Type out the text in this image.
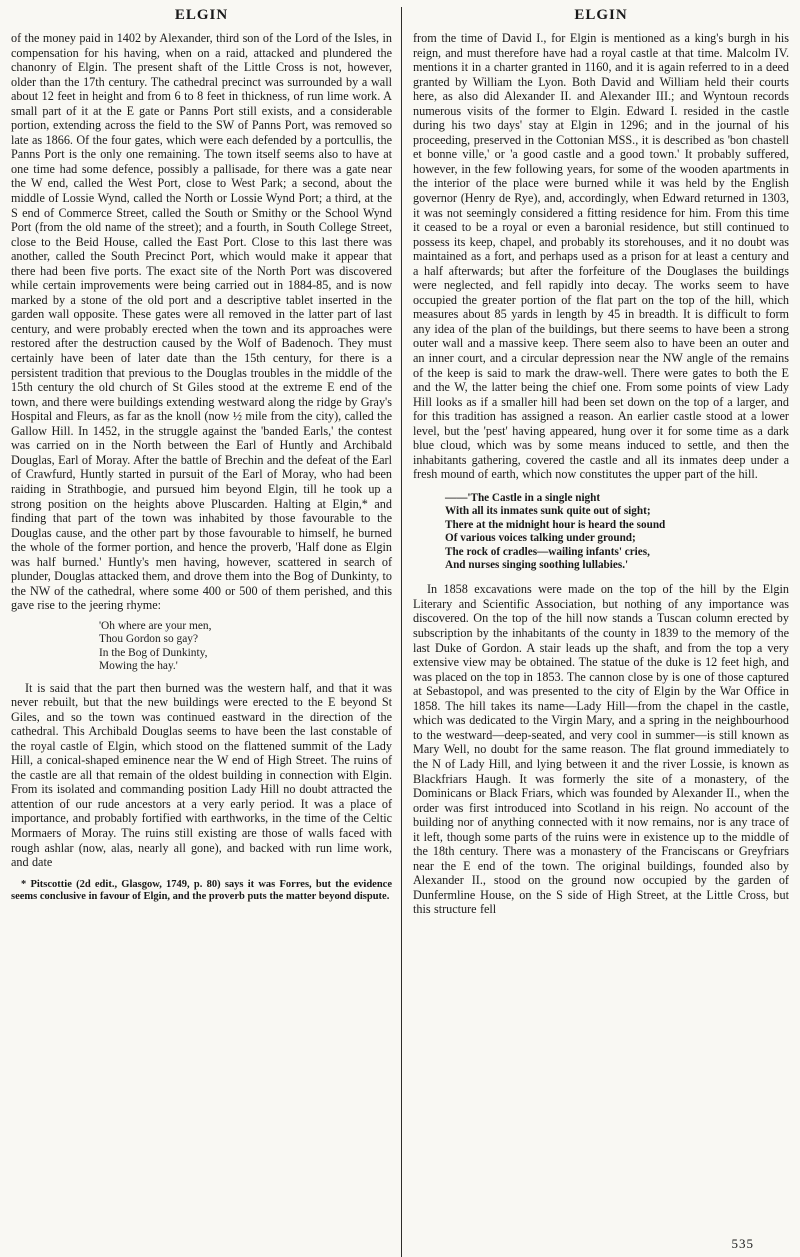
ELGIN

of the money paid in 1402 by Alexander, third son of the Lord of the Isles, in compensation for his having, when on a raid, attacked and plundered the chanonry of Elgin. The present shaft of the Little Cross is not, however, older than the 17th century. The cathedral precinct was surrounded by a wall about 12 feet in height and from 6 to 8 feet in thickness, of run lime work. A small part of it at the E gate or Panns Port still exists, and a considerable portion, extending across the field to the SW of Panns Port, was removed so late as 1866. Of the four gates, which were each defended by a portcullis, the Panns Port is the only one remaining. The town itself seems also to have at one time had some defence, possibly a pallisade, for there was a gate near the W end, called the West Port, close to West Park; a second, about the middle of Lossie Wynd, called the North or Lossie Wynd Port; a third, at the S end of Commerce Street, called the South or Smithy or the School Wynd Port (from the old name of the street); and a fourth, in South College Street, close to the Beid House, called the East Port. Close to this last there was another, called the South Precinct Port, which would make it appear that there had been five ports. The exact site of the North Port was discovered while certain improvements were being carried out in 1884-85, and is now marked by a stone of the old port and a descriptive tablet inserted in the garden wall opposite. These gates were all removed in the latter part of last century, and were probably erected when the town and its approaches were restored after the destruction caused by the Wolf of Badenoch. They must certainly have been of later date than the 15th century, for there is a persistent tradition that previous to the Douglas troubles in the middle of the 15th century the old church of St Giles stood at the extreme E end of the town, and there were buildings extending westward along the ridge by Gray's Hospital and Fleurs, as far as the knoll (now ½ mile from the city), called the Gallow Hill. In 1452, in the struggle against the 'banded Earls,' the contest was carried on in the North between the Earl of Huntly and Archibald Douglas, Earl of Moray. After the battle of Brechin and the defeat of the Earl of Crawfurd, Huntly started in pursuit of the Earl of Moray, who had been raiding in Strathbogie, and pursued him beyond Elgin, till he took up a strong position on the heights above Pluscarden. Halting at Elgin,* and finding that part of the town was inhabited by those favourable to the Douglas cause, and the other part by those favourable to himself, he burned the whole of the former portion, and hence the proverb, 'Half done as Elgin was half burned.' Huntly's men having, however, scattered in search of plunder, Douglas attacked them, and drove them into the Bog of Dunkinty, to the NW of the cathedral, where some 400 or 500 of them perished, and this gave rise to the jeering rhyme:

'Oh where are your men,
Thou Gordon so gay?
In the Bog of Dunkinty,
Mowing the hay.'

It is said that the part then burned was the western half, and that it was never rebuilt, but that the new buildings were erected to the E beyond St Giles, and so the town was continued eastward in the direction of the cathedral. This Archibald Douglas seems to have been the last constable of the royal castle of Elgin, which stood on the flattened summit of the Lady Hill, a conical-shaped eminence near the W end of High Street. The ruins of the castle are all that remain of the oldest building in connection with Elgin. From its isolated and commanding position Lady Hill no doubt attracted the attention of our rude ancestors at a very early period. It was a place of importance, and probably fortified with earthworks, in the time of the Celtic Mormaers of Moray. The ruins still existing are those of walls faced with rough ashlar (now, alas, nearly all gone), and backed with run lime work, and date

* Pitscottie (2d edit., Glasgow, 1749, p. 80) says it was Forres, but the evidence seems conclusive in favour of Elgin, and the proverb puts the matter beyond dispute.
ELGIN

from the time of David I., for Elgin is mentioned as a king's burgh in his reign, and must therefore have had a royal castle at that time. Malcolm IV. mentions it in a charter granted in 1160, and it is again referred to in a deed granted by William the Lyon. Both David and William held their courts here, as also did Alexander II. and Alexander III.; and Wyntoun records numerous visits of the former to Elgin. Edward I. resided in the castle during his two days' stay at Elgin in 1296; and in the journal of his proceeding, preserved in the Cottonian MSS., it is described as 'bon chastell et bonne ville,' or 'a good castle and a good town.' It probably suffered, however, in the few following years, for some of the wooden apartments in the interior of the place were burned while it was held by the English governor (Henry de Rye), and, accordingly, when Edward returned in 1303, it was not seemingly considered a fitting residence for him. From this time it ceased to be a royal or even a baronial residence, but still continued to possess its keep, chapel, and probably its storehouses, and it no doubt was maintained as a fort, and perhaps used as a prison for at least a century and a half afterwards; but after the forfeiture of the Douglases the buildings were neglected, and fell rapidly into decay. The works seem to have occupied the greater portion of the flat part on the top of the hill, which measures about 85 yards in length by 45 in breadth. It is difficult to form any idea of the plan of the buildings, but there seems to have been a strong outer wall and a massive keep. There seem also to have been an outer and an inner court, and a circular depression near the NW angle of the remains of the keep is said to mark the draw-well. There were gates to both the E and the W, the latter being the chief one. From some points of view Lady Hill looks as if a smaller hill had been set down on the top of a larger, and for this tradition has assigned a reason. An earlier castle stood at a lower level, but the 'pest' having appeared, hung over it for some time as a dark blue cloud, which was by some means induced to settle, and then the inhabitants gathering, covered the castle and all its inmates deep under a fresh mound of earth, which now constitutes the upper part of the hill.

——'The Castle in a single night
With all its inmates sunk quite out of sight;
There at the midnight hour is heard the sound
Of various voices talking under ground;
The rock of cradles—wailing infants' cries,
And nurses singing soothing lullabies.'

In 1858 excavations were made on the top of the hill by the Elgin Literary and Scientific Association, but nothing of any importance was discovered. On the top of the hill now stands a Tuscan column erected by subscription by the inhabitants of the county in 1839 to the memory of the last Duke of Gordon. A stair leads up the shaft, and from the top a very extensive view may be obtained. The statue of the duke is 12 feet high, and was placed on the top in 1853. The cannon close by is one of those captured at Sebastopol, and was presented to the city of Elgin by the War Office in 1858. The hill takes its name—Lady Hill—from the chapel in the castle, which was dedicated to the Virgin Mary, and a spring in the neighbourhood to the westward—deep-seated, and very cool in summer—is still known as Mary Well, no doubt for the same reason. The flat ground immediately to the N of Lady Hill, and lying between it and the river Lossie, is known as Blackfriars Haugh. It was formerly the site of a monastery, of the Dominicans or Black Friars, which was founded by Alexander II., when the order was first introduced into Scotland in his reign. No account of the building nor of anything connected with it now remains, nor is any trace of it left, though some parts of the ruins were in existence up to the middle of the 18th century. There was a monastery of the Franciscans or Greyfriars near the E end of the town. The original buildings, founded also by Alexander II., stood on the ground now occupied by the garden of Dunfermline House, on the S side of High Street, at the Little Cross, but this structure fell

535
